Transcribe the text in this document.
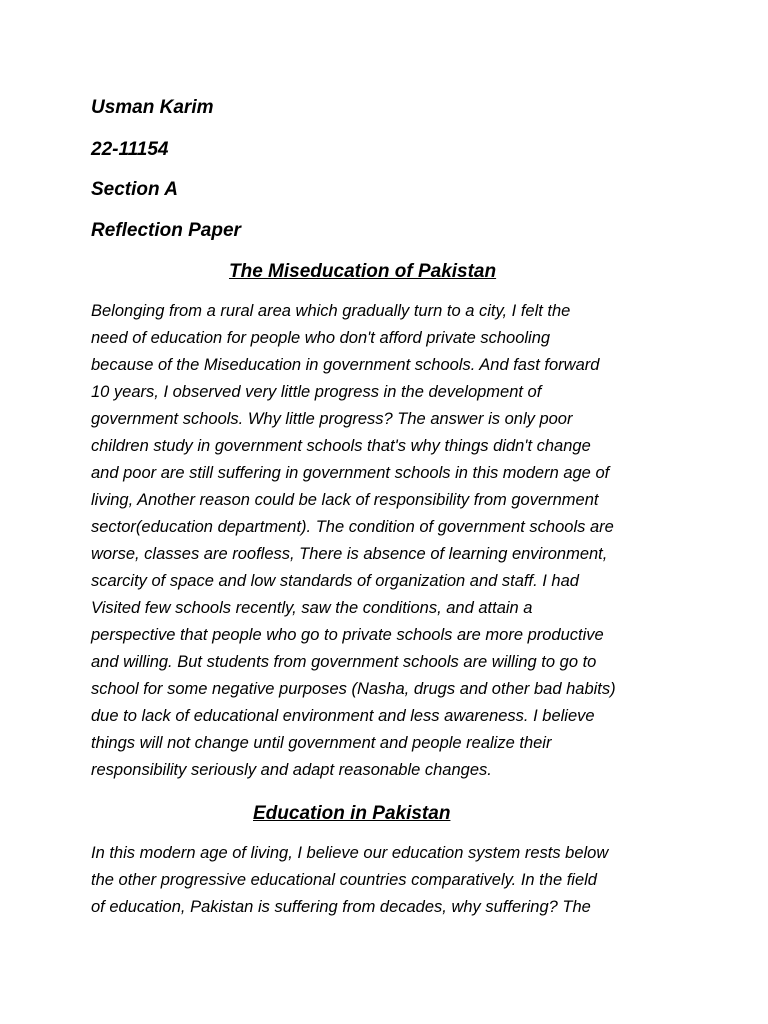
Usman Karim

22-11154

Section A

Reflection Paper

The Miseducation of Pakistan
Belonging from a rural area which gradually turn to a city, I felt the
need of education for people who don't afford private schooling
because of the Miseducation in government schools. And fast forward
10 years, I observed very little progress in the development of
government schools. Why little progress? The answer is only poor
children study in government schools that's why things didn't change
and poor are still suffering in government schools in this modern age of
living, Another reason could be lack of responsibility from government
sector(education department). The condition of government schools are
worse, classes are roofless, There is absence of learning environment,
scarcity of space and low standards of organization and staff. I had
Visited few schools recently, saw the conditions, and attain a
perspective that people who go to private schools are more productive
and willing. But students from government schools are willing to go to
school for some negative purposes (Nasha, drugs and other bad habits)
due to lack of educational environment and less awareness. I believe
things will not change until government and people realize their
responsibility seriously and adapt reasonable changes.
Education in Pakistan
In this modern age of living, I believe our education system rests below
the other progressive educational countries comparatively. In the field
of education, Pakistan is suffering from decades, why suffering? The
